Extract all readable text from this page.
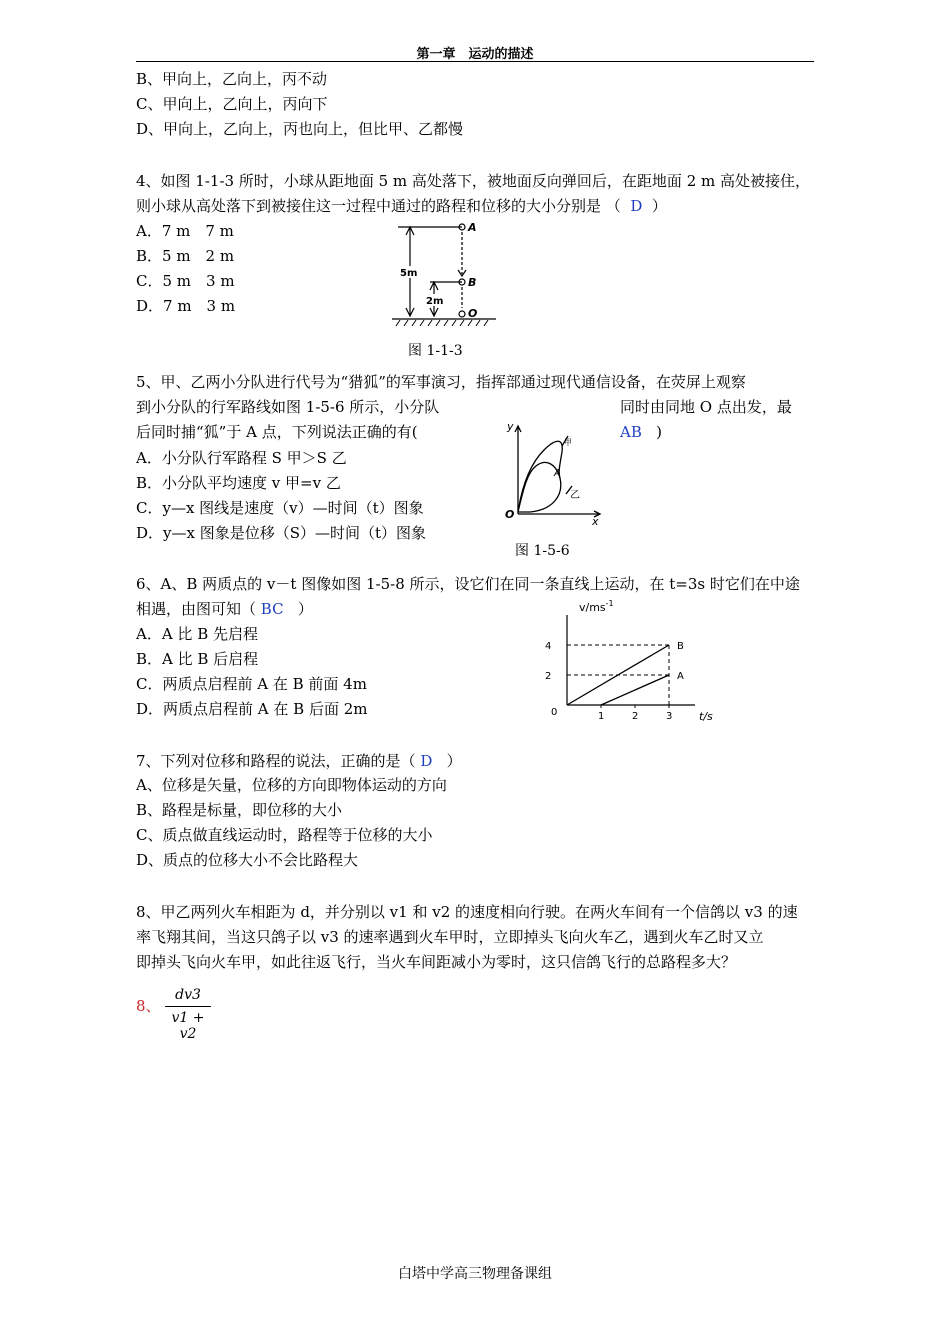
第一章　运动的描述
B、甲向上，乙向上，丙不动
C、甲向上，乙向上，丙向下
D、甲向上，乙向上，丙也向上，但比甲、乙都慢
4、如图 1-1-3 所时，小球从距地面 5 m 高处落下，被地面反向弹回后，在距地面 2 m 高处被接住，
则小球从高处落下到被接住这一过程中通过的路程和位移的大小分别是 （ D ）
A．7 m　7 m
B．5 m　2 m
C．5 m　3 m
D．7 m　3 m
5m
2m
A
B
O
图 1-1-3
5、甲、乙两小分队进行代号为“猎狐”的军事演习，指挥部通过现代通信设备，在荧屏上观察
到小分队的行军路线如图 1-5-6 所示，小分队	同时由同地 O 点出发，最
后同时捕“狐”于 A 点，下列说法正确的有(	AB )
A．小分队行军路程 S 甲＞S 乙
B．小分队平均速度 v 甲=v 乙
C．y—x 图线是速度（v）—时间（t）图象
D．y—x 图象是位移（S）—时间（t）图象
y
x
O
A
甲
乙
图 1-5-6
6、A、B 两质点的 v－t 图像如图 1-5-8 所示，设它们在同一条直线上运动，在 t=3s 时它们在中途
相遇，由图可知（ BC ）
A．A 比 B 先启程
B．A 比 B 后启程
C．两质点启程前 A 在 B 前面 4m
D．两质点启程前 A 在 B 后面 2m
$v/ms^{-1}$
t/s
0	1	2	3
2
4	B
A
7、下列对位移和路程的说法，正确的是（ D ）
A、位移是矢量，位移的方向即物体运动的方向
B、路程是标量，即位移的大小
C、质点做直线运动时，路程等于位移的大小
D、质点的位移大小不会比路程大
8、甲乙两列火车相距为 d，并分别以 v1 和 v2 的速度相向行驶。在两火车间有一个信鸽以 v3 的速
率飞翔其间，当这只鸽子以 v3 的速率遇到火车甲时，立即掉头飞向火车乙，遇到火车乙时又立
即掉头飞向火车甲，如此往返飞行，当火车间距减小为零时，这只信鸽飞行的总路程多大？
8、 $\frac{dv3}{v1 + v2}$
白塔中学高三物理备课组
